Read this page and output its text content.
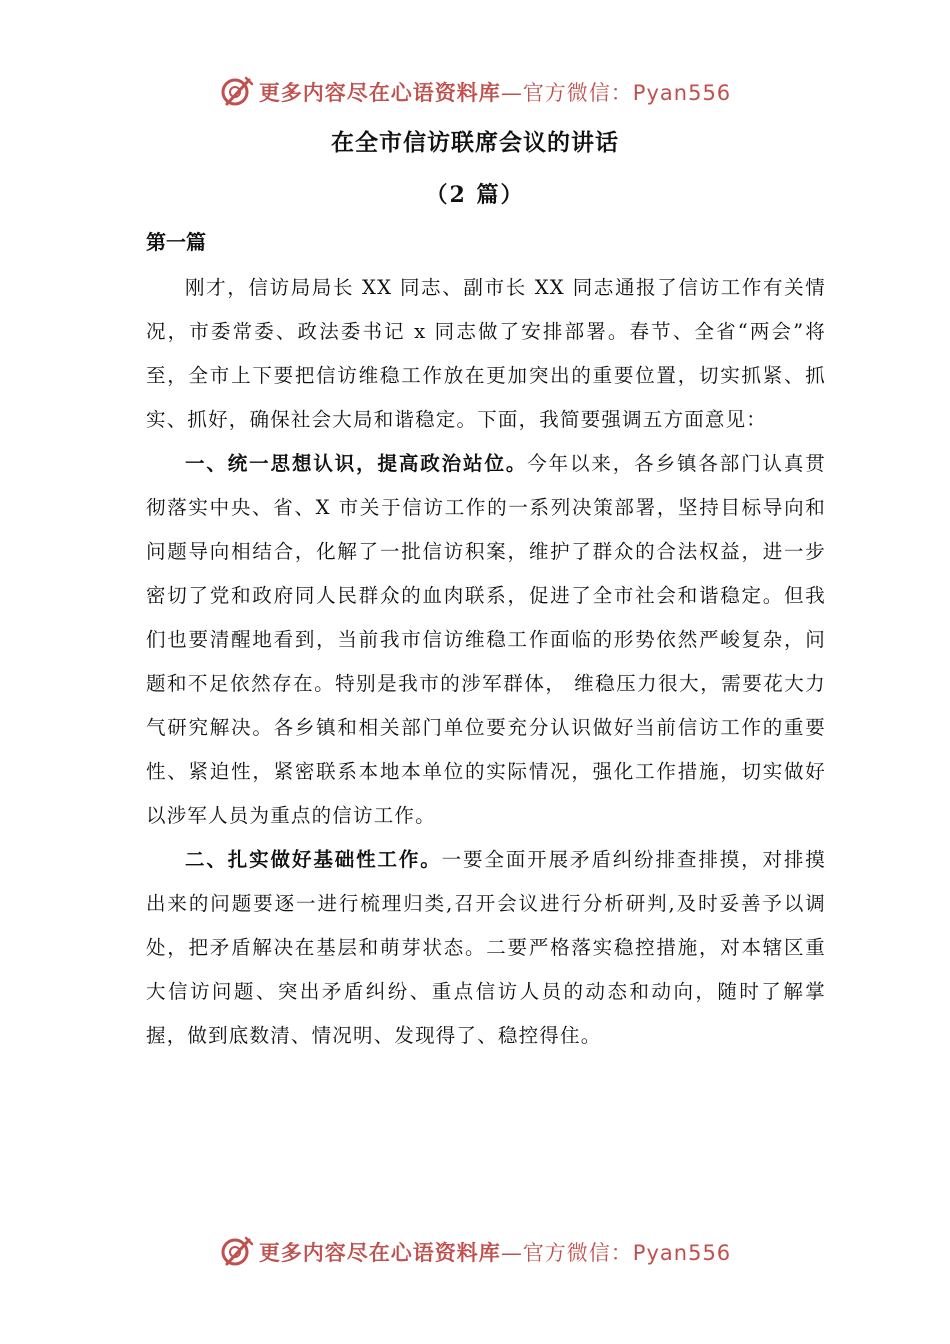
更多内容尽在心语资料库 —官方微信：Pyan556
在全市信访联席会议的讲话
（2 篇）
第一篇

刚才，信访局局长 XX 同志、副市长 XX 同志通报了信访工作有关情况，市委常委、政法委书记 x 同志做了安排部署。春节、全省“两会”将至，全市上下要把信访维稳工作放在更加突出的重要位置，切实抓紧、抓实、抓好，确保社会大局和谐稳定。下面，我简要强调五方面意见：

一、统一思想认识，提高政治站位。今年以来，各乡镇各部门认真贯彻落实中央、省、X 市关于信访工作的一系列决策部署，坚持目标导向和问题导向相结合，化解了一批信访积案，维护了群众的合法权益，进一步密切了党和政府同人民群众的血肉联系，促进了全市社会和谐稳定。但我们也要清醒地看到，当前我市信访维稳工作面临的形势依然严峻复杂，问题和不足依然存在。特别是我市的涉军群体， 维稳压力很大，需要花大力气研究解决。各乡镇和相关部门单位要充分认识做好当前信访工作的重要性、紧迫性，紧密联系本地本单位的实际情况，强化工作措施，切实做好以涉军人员为重点的信访工作。

二、扎实做好基础性工作。一要全面开展矛盾纠纷排查排摸，对排摸出来的问题要逐一进行梳理归类,召开会议进行分析研判,及时妥善予以调处，把矛盾解决在基层和萌芽状态。二要严格落实稳控措施，对本辖区重大信访问题、突出矛盾纠纷、重点信访人员的动态和动向，随时了解掌握，做到底数清、情况明、发现得了、稳控得住。

更多内容尽在心语资料库 —官方微信：Pyan556
